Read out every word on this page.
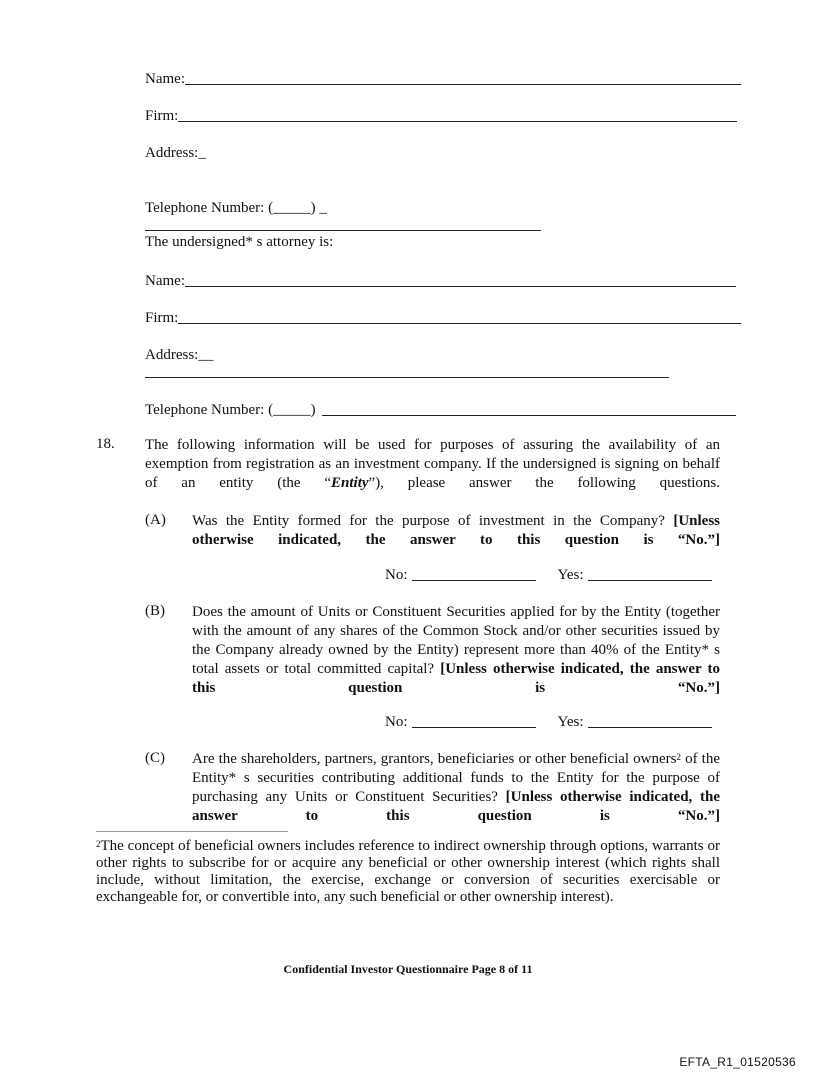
Name:
Firm:
Address: _
Telephone Number: (_____) _
The undersigned* s attorney is:
Name:
Firm:
Address:__
Telephone Number: (_____)
18. The following information will be used for purposes of assuring the availability of an exemption from registration as an investment company. If the undersigned is signing on behalf of an entity (the “Entity”), please answer the following questions.
(A) Was the Entity formed for the purpose of investment in the Company? [Unless otherwise indicated, the answer to this question is “No.”]
No:	Yes:
(B) Does the amount of Units or Constituent Securities applied for by the Entity (together with the amount of any shares of the Common Stock and/or other securities issued by the Company already owned by the Entity) represent more than 40% of the Entity* s total assets or total committed capital? [Unless otherwise indicated, the answer to this question is “No.”]
No:	Yes:
(C) Are the shareholders, partners, grantors, beneficiaries or other beneficial owners$^2$ of the Entity* s securities contributing additional funds to the Entity for the purpose of purchasing any Units or Constituent Securities? [Unless otherwise indicated, the answer to this question is “No.”]
$^2$The concept of beneficial owners includes reference to indirect ownership through options, warrants or other rights to subscribe for or acquire any beneficial or other ownership interest (which rights shall include, without limitation, the exercise, exchange or conversion of securities exercisable or exchangeable for, or convertible into, any such beneficial or other ownership interest).
Confidential Investor Questionnaire Page 8 of 11
EFTA_R1_01520536
